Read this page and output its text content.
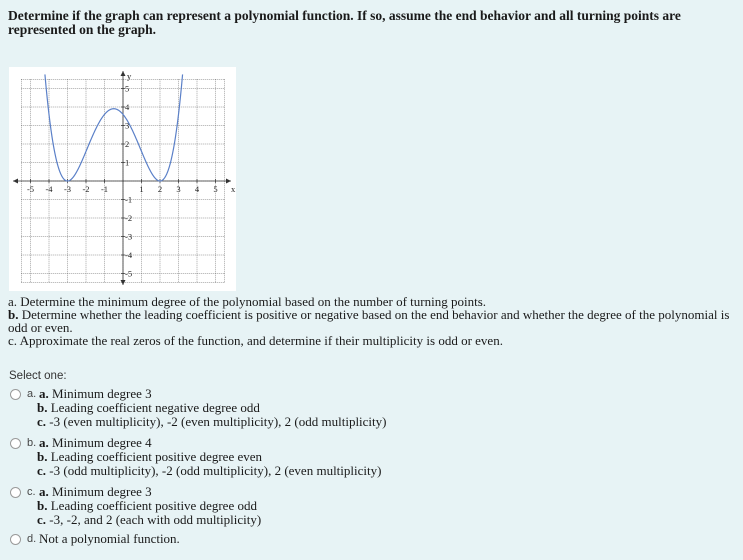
Determine if the graph can represent a polynomial function. If so, assume the end behavior and all turning points are represented on the graph.
-5 -4 -3 -2 -1	1 2 3 4 5
5
4
3
2
1
-1
-2
-3
-4
-5
x
y
a. Determine the minimum degree of the polynomial based on the number of turning points.
b. Determine whether the leading coefficient is positive or negative based on the end behavior and whether the degree of the polynomial is odd or even.
c. Approximate the real zeros of the function, and determine if their multiplicity is odd or even.
Select one:
a. a. Minimum degree 3
b. Leading coefficient negative degree odd
c. -3 (even multiplicity), -2 (even multiplicity), 2 (odd multiplicity)
b. a. Minimum degree 4
b. Leading coefficient positive degree even
c. -3 (odd multiplicity), -2 (odd multiplicity), 2 (even multiplicity)
c. a. Minimum degree 3
b. Leading coefficient positive degree odd
c. -3, -2, and 2 (each with odd multiplicity)
d. Not a polynomial function.
